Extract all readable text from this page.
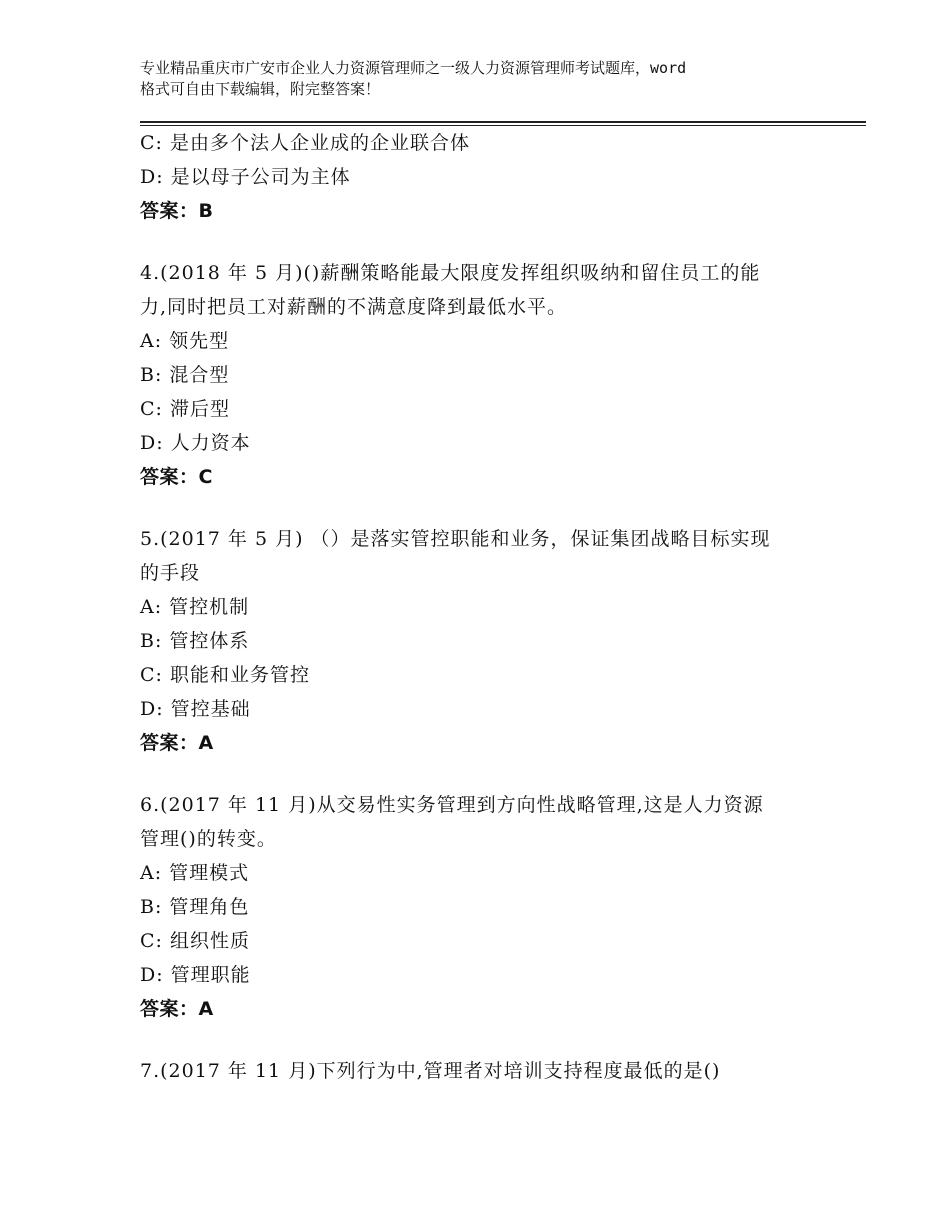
专业精品重庆市广安市企业人力资源管理师之一级人力资源管理师考试题库，word
格式可自由下载编辑，附完整答案！
C: 是由多个法人企业成的企业联合体
D: 是以母子公司为主体
答案：B
4.(2018 年 5 月)()薪酬策略能最大限度发挥组织吸纳和留住员工的能
力,同时把员工对薪酬的不满意度降到最低水平。
A: 领先型
B: 混合型
C: 滞后型
D: 人力资本
答案：C
5.(2017 年 5 月) （）是落实管控职能和业务，保证集团战略目标实现
的手段
A: 管控机制
B: 管控体系
C: 职能和业务管控
D: 管控基础
答案：A
6.(2017 年 11 月)从交易性实务管理到方向性战略管理,这是人力资源
管理()的转变。
A: 管理模式
B: 管理角色
C: 组织性质
D: 管理职能
答案：A
7.(2017 年 11 月)下列行为中,管理者对培训支持程度最低的是()
